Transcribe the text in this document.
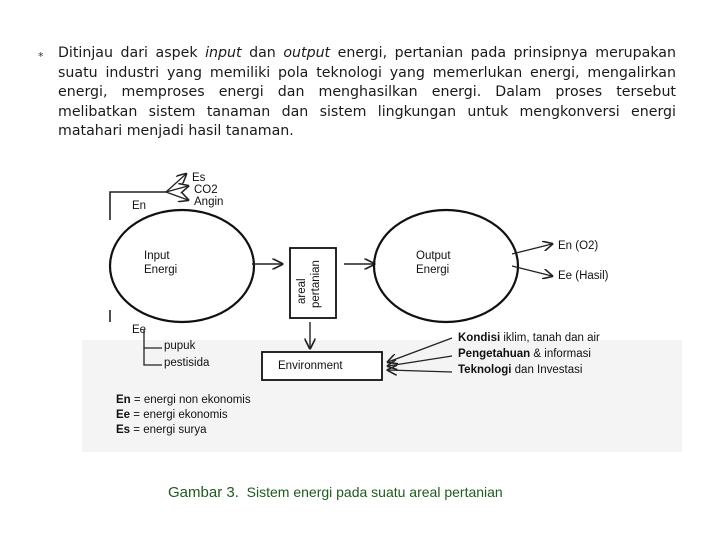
* Ditinjau dari aspek input dan output energi, pertanian pada prinsipnya merupakan suatu industri yang memiliki pola teknologi yang memerlukan energi, mengalirkan energi, memproses energi dan menghasilkan energi. Dalam proses tersebut melibatkan sistem tanaman dan sistem lingkungan untuk mengkonversi energi matahari menjadi hasil tanaman.
Es
CO2
Angin
En
Input
Energi
areal pertanian
Output
Energi
En (O2)
Ee (Hasil)
Ee
pupuk
pestisida	Environment
Kondisi iklim, tanah dan air
Pengetahuan & informasi
Teknologi dan Investasi
En = energi non ekonomis
Ee = energi ekonomis
Es = energi surya
Gambar 3. Sistem energi pada suatu areal pertanian
